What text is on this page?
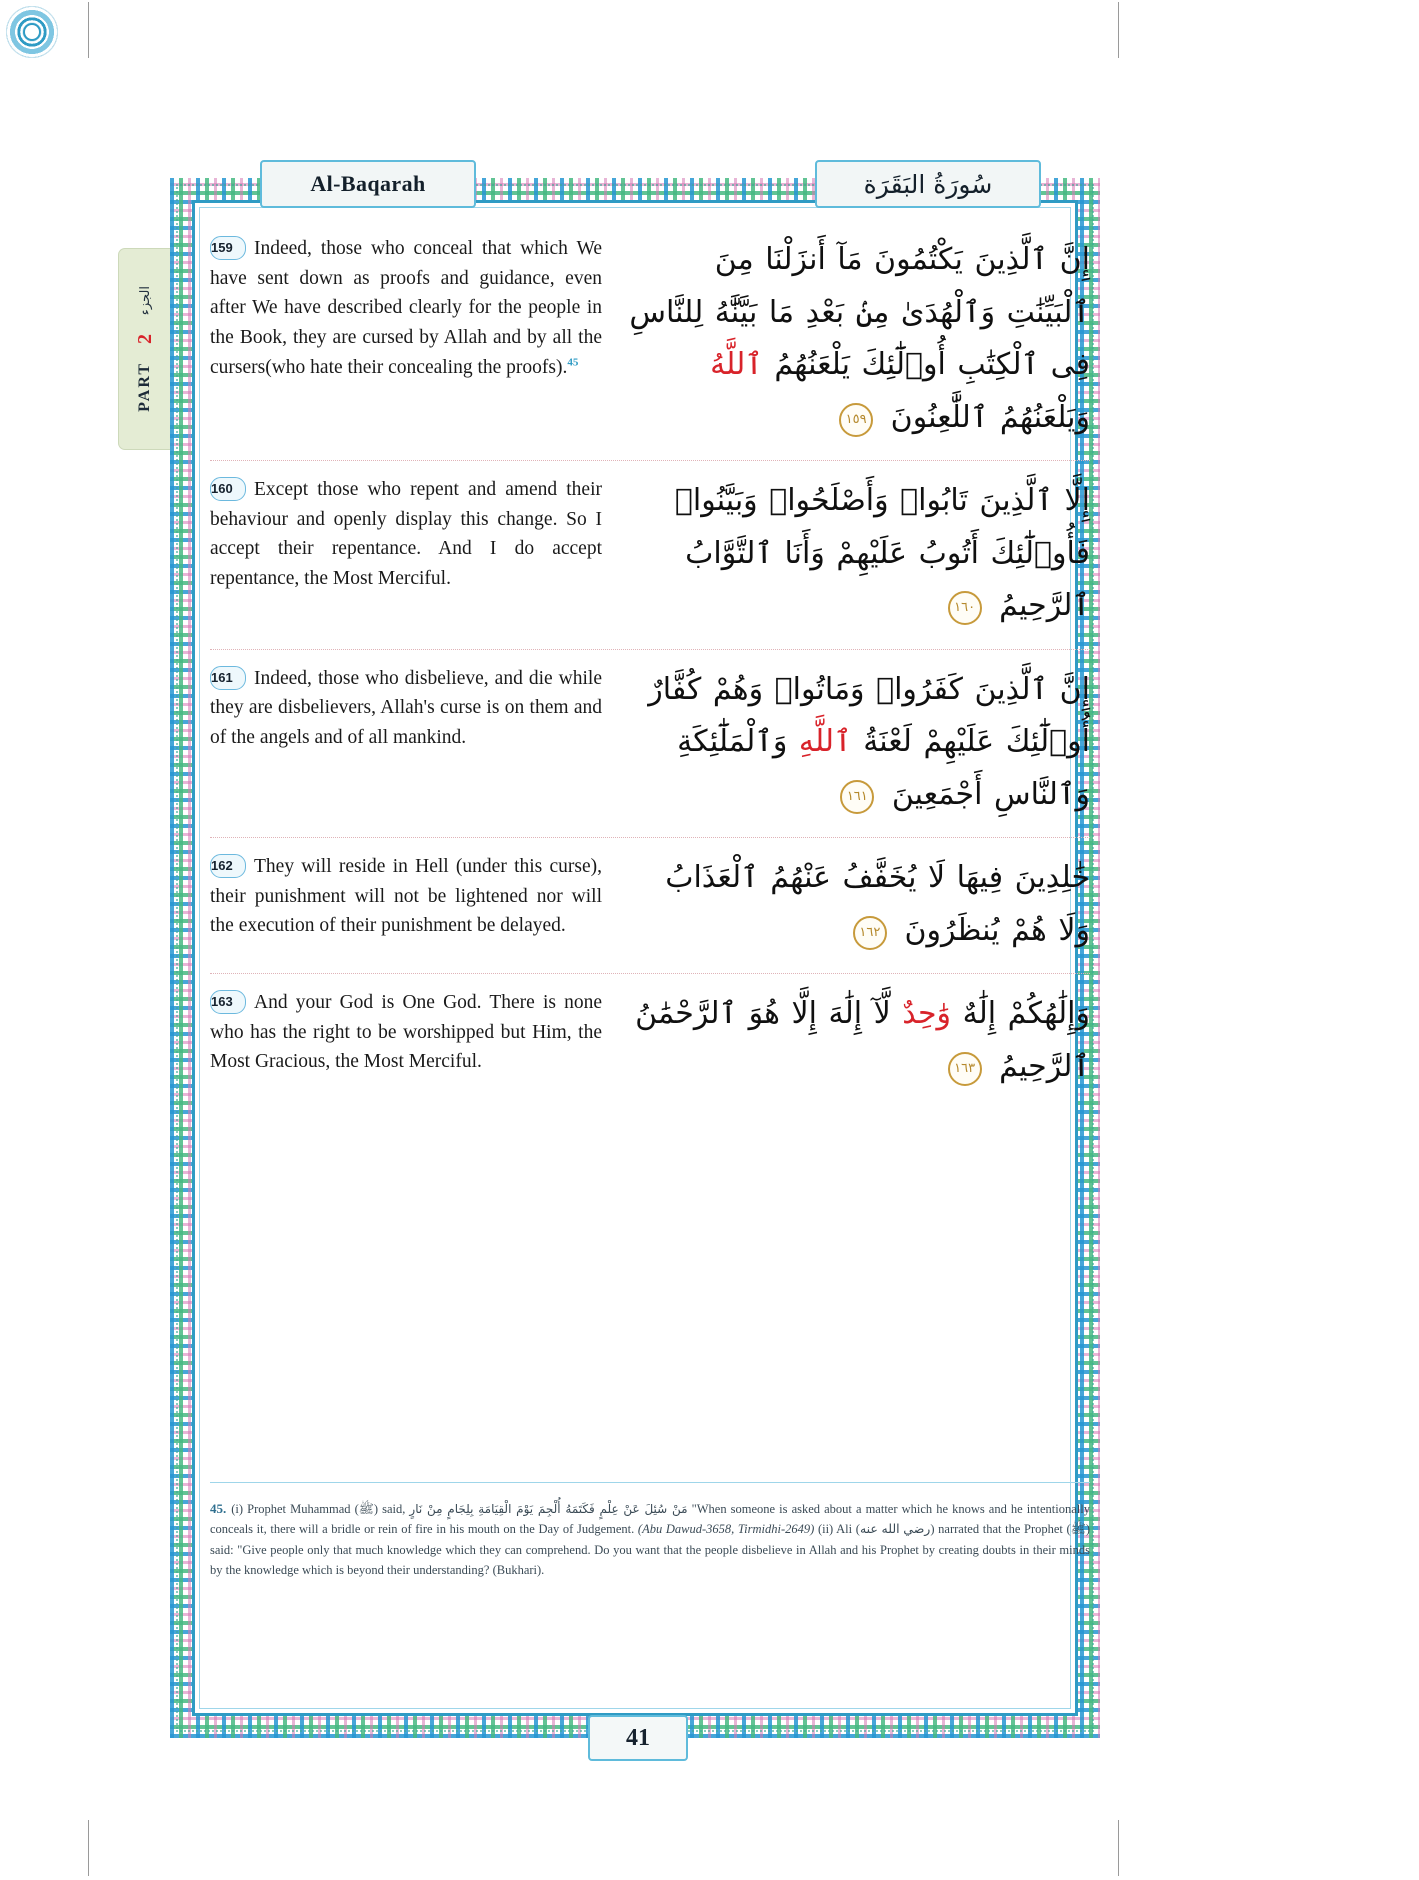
الجزء
2
PART
Al-Baqarah	سُورَةُ البَقَرَة
41
159 Indeed, those who conceal that which We have sent down as proofs and guidance, even after We have described clearly for the people in the Book, they are cursed by Allah and by all the cursers(who hate their concealing the proofs).$^{45}$
إِنَّ ٱلَّذِينَ يَكْتُمُونَ مَآ أَنزَلْنَا مِنَ ٱلْبَيِّنَٰتِ وَٱلْهُدَىٰ مِنۢ بَعْدِ مَا بَيَّنَّٰهُ لِلنَّاسِ فِى ٱلْكِتَٰبِ أُو۟لَٰٓئِكَ يَلْعَنُهُمُ ٱللَّهُ وَيَلْعَنُهُمُ ٱللَّٰعِنُونَ ١٥٩
160 Except those who repent and amend their behaviour and openly display this change. So I accept their repentance. And I do accept repentance, the Most Merciful.
إِلَّا ٱلَّذِينَ تَابُوا۟ وَأَصْلَحُوا۟ وَبَيَّنُوا۟ فَأُو۟لَٰٓئِكَ أَتُوبُ عَلَيْهِمْ وَأَنَا ٱلتَّوَّابُ ٱلرَّحِيمُ ١٦٠
161 Indeed, those who disbelieve, and die while they are disbelievers, Allah's curse is on them and of the angels and of all mankind.
إِنَّ ٱلَّذِينَ كَفَرُوا۟ وَمَاتُوا۟ وَهُمْ كُفَّارٌ أُو۟لَٰٓئِكَ عَلَيْهِمْ لَعْنَةُ ٱللَّهِ وَٱلْمَلَٰٓئِكَةِ وَٱلنَّاسِ أَجْمَعِينَ ١٦١
162 They will reside in Hell (under this curse), their punishment will not be lightened nor will the execution of their punishment be delayed.
خَٰلِدِينَ فِيهَا لَا يُخَفَّفُ عَنْهُمُ ٱلْعَذَابُ وَلَا هُمْ يُنظَرُونَ ١٦٢
163 And your God is One God. There is none who has the right to be worshipped but Him, the Most Gracious, the Most Merciful.
وَإِلَٰهُكُمْ إِلَٰهٌ وَٰحِدٌ لَّآ إِلَٰهَ إِلَّا هُوَ ٱلرَّحْمَٰنُ ٱلرَّحِيمُ ١٦٣
45. (i) Prophet Muhammad (ﷺ) said, مَنْ سُئِلَ عَنْ عِلْمٍ فَكَتَمَهُ أُلْجِمَ يَوْمَ الْقِيَامَةِ بِلِجَامٍ مِنْ نَارٍ "When someone is asked about a matter which he knows and he intentionally conceals it, there will a bridle or rein of fire in his mouth on the Day of Judgement. (Abu Dawud-3658, Tirmidhi-2649) (ii) Ali (رضي الله عنه) narrated that the Prophet (ﷺ) said: "Give people only that much knowledge which they can comprehend. Do you want that the people disbelieve in Allah and his Prophet by creating doubts in their minds by the knowledge which is beyond their understanding? (Bukhari).
